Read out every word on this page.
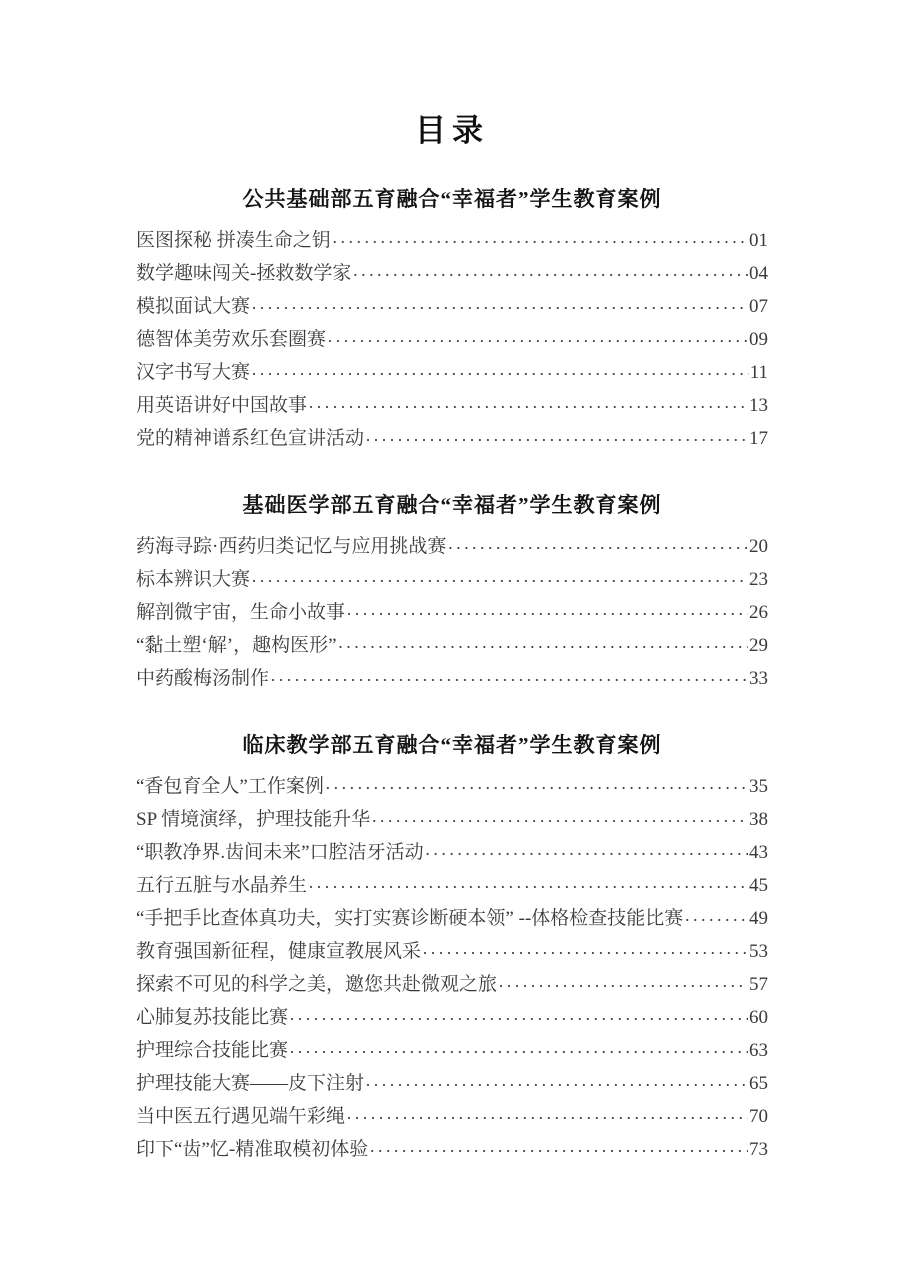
目录
公共基础部五育融合“幸福者”学生教育案例
医图探秘 拼凑生命之钥 ·····	01
数学趣味闯关-拯救数学家 ·····	04
模拟面试大赛 ·····	07
德智体美劳欢乐套圈赛 ·····	09
汉字书写大赛 ·····	11
用英语讲好中国故事 ·····	13
党的精神谱系红色宣讲活动 ·····	17
基础医学部五育融合“幸福者”学生教育案例
药海寻踪·西药归类记忆与应用挑战赛 ·····	20
标本辨识大赛 ·····	23
解剖微宇宙，生命小故事 ·····	26
“黏土塑‘解’，趣构医形” ·····	29
中药酸梅汤制作 ·····	33
临床教学部五育融合“幸福者”学生教育案例
“香包育全人”工作案例 ·····	35
SP 情境演绎，护理技能升华 ·····	38
“职教净界.齿间未来”口腔洁牙活动 ·····	43
五行五脏与水晶养生 ·····	45
“手把手比查体真功夫，实打实赛诊断硬本领” --体格检查技能比赛 ·····	49
教育强国新征程，健康宣教展风采 ·····	53
探索不可见的科学之美，邀您共赴微观之旅 ·····	57
心肺复苏技能比赛 ·····	60
护理综合技能比赛 ·····	63
护理技能大赛——皮下注射 ·····	65
当中医五行遇见端午彩绳 ·····	70
印下“齿”忆-精准取模初体验 ·····	73
